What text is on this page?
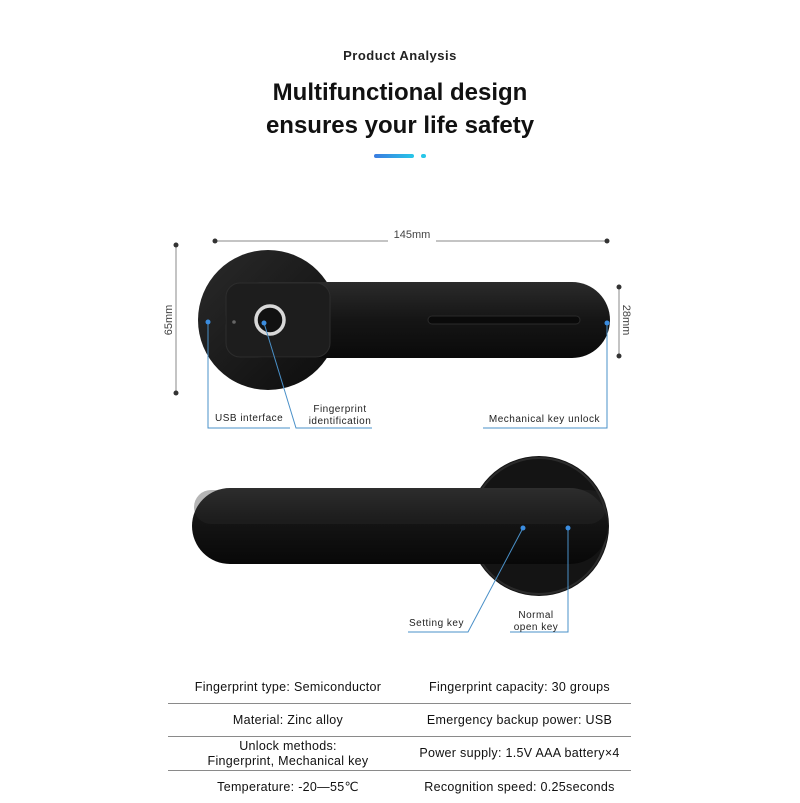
Product Analysis
Multifunctional design
ensures your life safety
145mm
65mm	28mm
USB interface
Fingerprint
identification	Mechanical key unlock
Setting key
Normal
open key
Fingerprint type: Semiconductor	Fingerprint capacity: 30 groups
Material: Zinc alloy	Emergency backup power: USB

Unlock methods:
Fingerprint, Mechanical key	Power supply: 1.5V AAA battery×4
Temperature: -20—55℃	Recognition speed: 0.25seconds
